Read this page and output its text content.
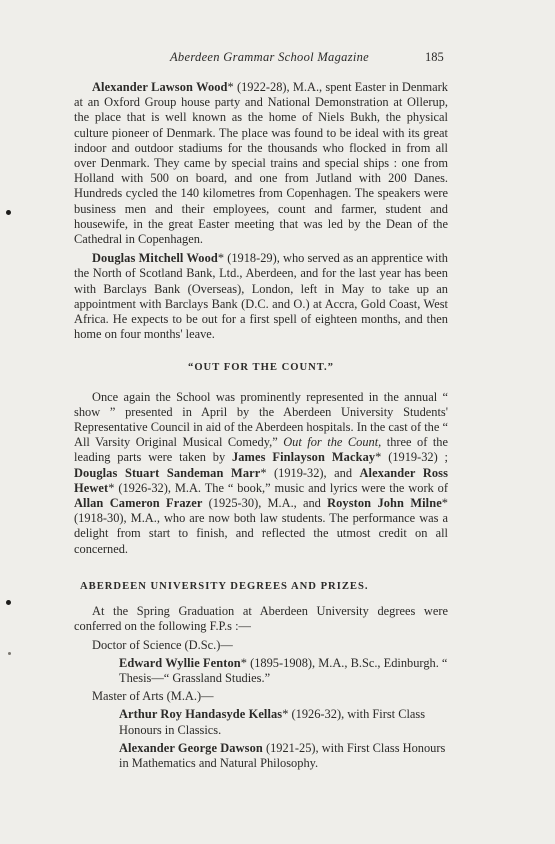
Aberdeen Grammar School Magazine	185

Alexander Lawson Wood* (1922-28), M.A., spent Easter in Denmark at an Oxford Group house party and National Demonstration at Ollerup, the place that is well known as the home of Niels Bukh, the physical culture pioneer of Denmark. The place was found to be ideal with its great indoor and outdoor stadiums for the thousands who flocked in from all over Denmark. They came by special trains and special ships : one from Holland with 500 on board, and one from Jutland with 200 Danes. Hundreds cycled the 140 kilometres from Copenhagen. The speakers were business men and their employees, count and farmer, student and housewife, in the great Easter meeting that was led by the Dean of the Cathedral in Copenhagen.

Douglas Mitchell Wood* (1918-29), who served as an apprentice with the North of Scotland Bank, Ltd., Aberdeen, and for the last year has been with Barclays Bank (Overseas), London, left in May to take up an appointment with Barclays Bank (D.C. and O.) at Accra, Gold Coast, West Africa. He expects to be out for a first spell of eighteen months, and then home on four months' leave.

“OUT FOR THE COUNT.”

Once again the School was prominently represented in the annual “ show ” presented in April by the Aberdeen University Students' Representative Council in aid of the Aberdeen hospitals. In the cast of the “ All Varsity Original Musical Comedy,” Out for the Count, three of the leading parts were taken by James Finlayson Mackay* (1919-32) ; Douglas Stuart Sandeman Marr* (1919-32), and Alexander Ross Hewet* (1926-32), M.A. The “ book,” music and lyrics were the work of Allan Cameron Frazer (1925-30), M.A., and Royston John Milne* (1918-30), M.A., who are now both law students. The performance was a delight from start to finish, and reflected the utmost credit on all concerned.

ABERDEEN UNIVERSITY DEGREES AND PRIZES.

At the Spring Graduation at Aberdeen University degrees were conferred on the following F.P.s :—

Doctor of Science (D.Sc.)—

Edward Wyllie Fenton* (1895-1908), M.A., B.Sc., Edinburgh. “ Thesis—“ Grassland Studies.”

Master of Arts (M.A.)—

Arthur Roy Handasyde Kellas* (1926-32), with First Class Honours in Classics.

Alexander George Dawson (1921-25), with First Class Honours in Mathematics and Natural Philosophy.
